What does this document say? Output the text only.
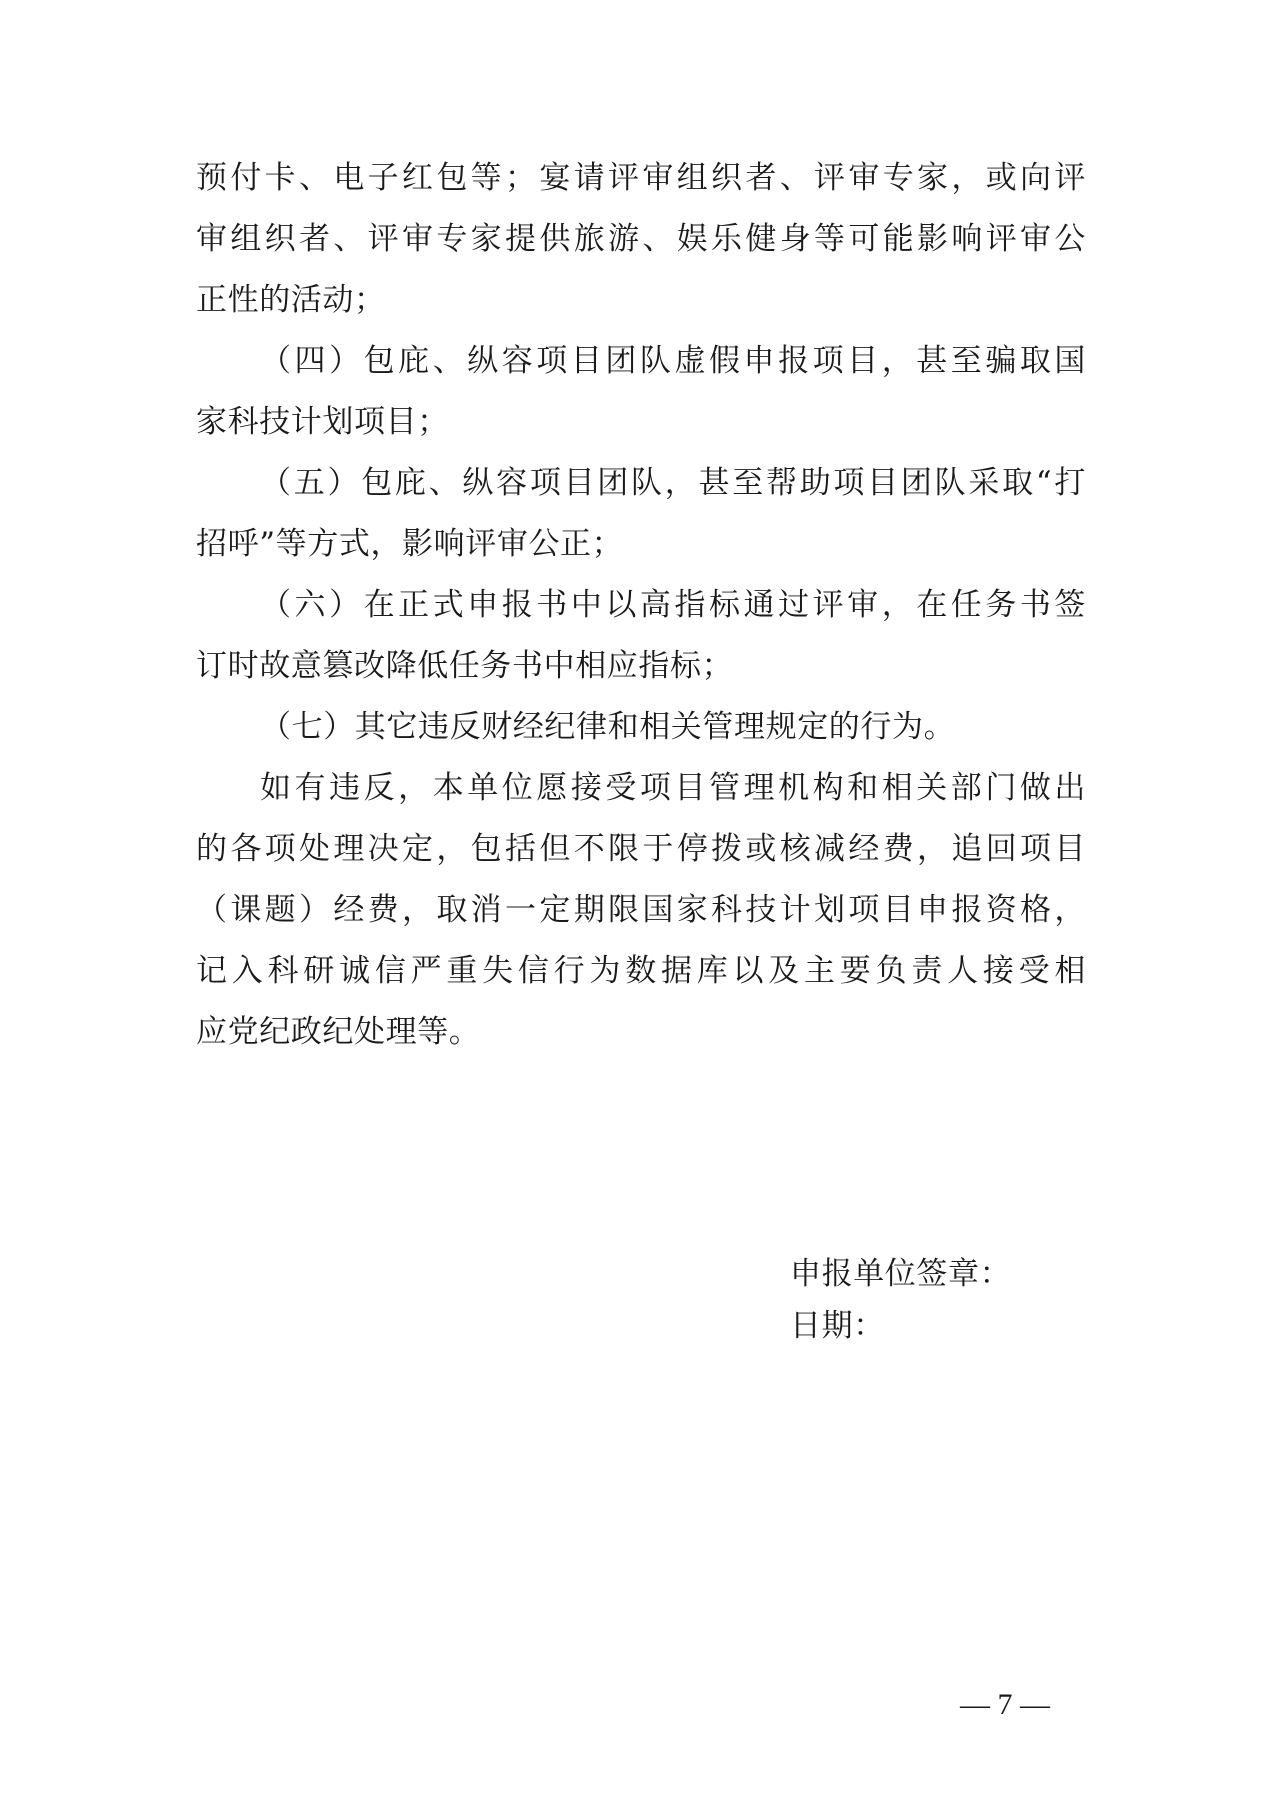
预付卡、电子红包等；宴请评审组织者、评审专家，或向评
审组织者、评审专家提供旅游、娱乐健身等可能影响评审公
正性的活动；
（四）包庇、纵容项目团队虚假申报项目，甚至骗取国
家科技计划项目；
（五）包庇、纵容项目团队，甚至帮助项目团队采取“打
招呼”等方式，影响评审公正；
（六）在正式申报书中以高指标通过评审，在任务书签
订时故意篡改降低任务书中相应指标；
（七）其它违反财经纪律和相关管理规定的行为。
如有违反，本单位愿接受项目管理机构和相关部门做出
的各项处理决定，包括但不限于停拨或核减经费，追回项目
（课题）经费，取消一定期限国家科技计划项目申报资格，
记入科研诚信严重失信行为数据库以及主要负责人接受相
应党纪政纪处理等。
申报单位签章：
日期：
— 7 —
